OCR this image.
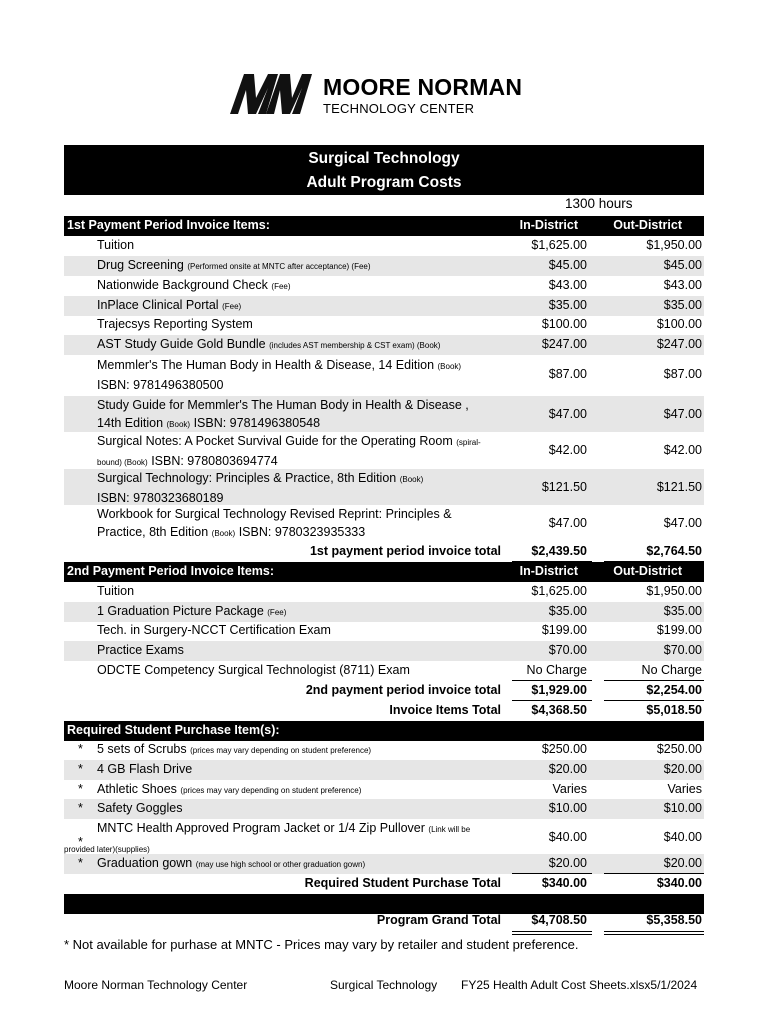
MOORE NORMAN
TECHNOLOGY CENTER
Surgical Technology
Adult Program Costs
1300 hours
1st Payment Period Invoice Items:	In-District	Out-District
Tuition	$1,625.00	$1,950.00
Drug Screening (Performed onsite at MNTC after acceptance) (Fee)	$45.00	$45.00
Nationwide Background Check (Fee)	$43.00	$43.00
InPlace Clinical Portal (Fee)	$35.00	$35.00
Trajecsys Reporting System	$100.00	$100.00
AST Study Guide Gold Bundle (includes AST membership & CST exam) (Book)	$247.00	$247.00
Memmler's The Human Body in Health & Disease, 14 Edition (Book)
ISBN: 9781496380500
$87.00	$87.00
Study Guide for Memmler's The Human Body in Health & Disease ,
14th Edition (Book) ISBN: 9781496380548
$47.00	$47.00
Surgical Notes: A Pocket Survival Guide for the Operating Room (spiral-
bound) (Book) ISBN: 9780803694774
$42.00	$42.00
Surgical Technology: Principles & Practice, 8th Edition (Book)
ISBN: 9780323680189
$121.50	$121.50
Workbook for Surgical Technology Revised Reprint: Principles &
Practice, 8th Edition (Book) ISBN: 9780323935333
$47.00	$47.00
1st payment period invoice total $2,439.50	$2,764.50
2nd Payment Period Invoice Items:	In-District	Out-District
Tuition	$1,625.00	$1,950.00
1 Graduation Picture Package (Fee)	$35.00	$35.00
Tech. in Surgery-NCCT Certification Exam	$199.00	$199.00
Practice Exams	$70.00	$70.00
ODCTE Competency Surgical Technologist (8711) Exam	No Charge	No Charge
2nd payment period invoice total $1,929.00	$2,254.00
Invoice Items Total $4,368.50	$5,018.50
Required Student Purchase Item(s):
* 5 sets of Scrubs (prices may vary depending on student preference)	$250.00	$250.00
* 4 GB Flash Drive	$20.00	$20.00
* Athletic Shoes (prices may vary depending on student preference)	Varies	Varies
* Safety Goggles	$10.00	$10.00
*
MNTC Health Approved Program Jacket or 1/4 Zip Pullover (Link will be
provided later)(supplies)
$40.00	$40.00
* Graduation gown (may use high school or other graduation gown)	$20.00	$20.00
Required Student Purchase Total	$340.00	$340.00
Program Grand Total $4,708.50	$5,358.50
* Not available for purhase at MNTC - Prices may vary by retailer and student preference.
Moore Norman Technology Center	Surgical Technology FY25 Health Adult Cost Sheets.xlsx5/1/2024
